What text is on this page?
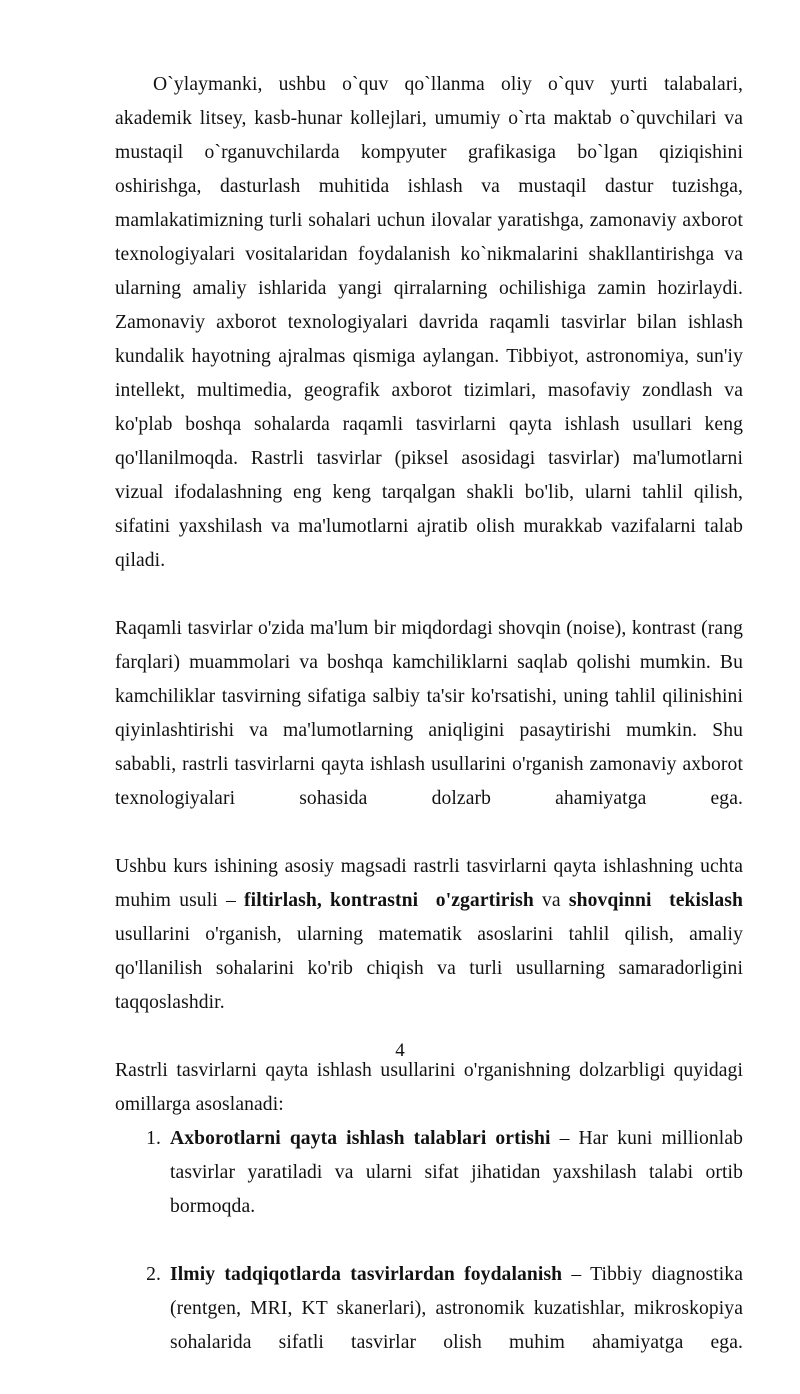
O`ylaymanki, ushbu o`quv qo`llanma oliy o`quv yurti talabalari, akademik litsey, kasb-hunar kollejlari, umumiy o`rta maktab o`quvchilari va mustaqil o`rganuvchilarda kompyuter grafikasiga bo`lgan qiziqishini oshirishga, dasturlash muhitida ishlash va mustaqil dastur tuzishga, mamlakatimizning turli sohalari uchun ilovalar yaratishga, zamonaviy axborot texnologiyalari vositalaridan foydalanish ko`nikmalarini shakllantirishga va ularning amaliy ishlarida yangi qirralarning ochilishiga zamin hozirlaydi. Zamonaviy axborot texnologiyalari davrida raqamli tasvirlar bilan ishlash kundalik hayotning ajralmas qismiga aylangan. Tibbiyot, astronomiya, sun'iy intellekt, multimedia, geografik axborot tizimlari, masofaviy zondlash va ko'plab boshqa sohalarda raqamli tasvirlarni qayta ishlash usullari keng qo'llanilmoqda. Rastrli tasvirlar (piksel asosidagi tasvirlar) ma'lumotlarni vizual ifodalashning eng keng tarqalgan shakli bo'lib, ularni tahlil qilish, sifatini yaxshilash va ma'lumotlarni ajratib olish murakkab vazifalarni talab qiladi.

Raqamli tasvirlar o'zida ma'lum bir miqdordagi shovqin (noise), kontrast (rang farqlari) muammolari va boshqa kamchiliklarni saqlab qolishi mumkin. Bu kamchiliklar tasvirning sifatiga salbiy ta'sir ko'rsatishi, uning tahlil qilinishini qiyinlashtirishi va ma'lumotlarning aniqligini pasaytirishi mumkin. Shu sababli, rastrli tasvirlarni qayta ishlash usullarini o'rganish zamonaviy axborot texnologiyalari sohasida dolzarb ahamiyatga ega.

Ushbu kurs ishining asosiy magsadi rastrli tasvirlarni qayta ishlashning uchta muhim usuli – filtirlash, kontrastni o'zgartirish va shovqinni tekislash usullarini o'rganish, ularning matematik asoslarini tahlil qilish, amaliy qo'llanilish sohalarini ko'rib chiqish va turli usullarning samaradorligini taqqoslashdir.

Rastrli tasvirlarni qayta ishlash usullarini o'rganishning dolzarbligi quyidagi omillarga asoslanadi:

1. Axborotlarni qayta ishlash talablari ortishi – Har kuni millionlab tasvirlar yaratiladi va ularni sifat jihatidan yaxshilash talabi ortib bormoqda.
2. Ilmiy tadqiqotlarda tasvirlardan foydalanish – Tibbiy diagnostika (rentgen, MRI, KT skanerlari), astronomik kuzatishlar, mikroskopiya sohalarida sifatli tasvirlar olish muhim ahamiyatga ega.
4
